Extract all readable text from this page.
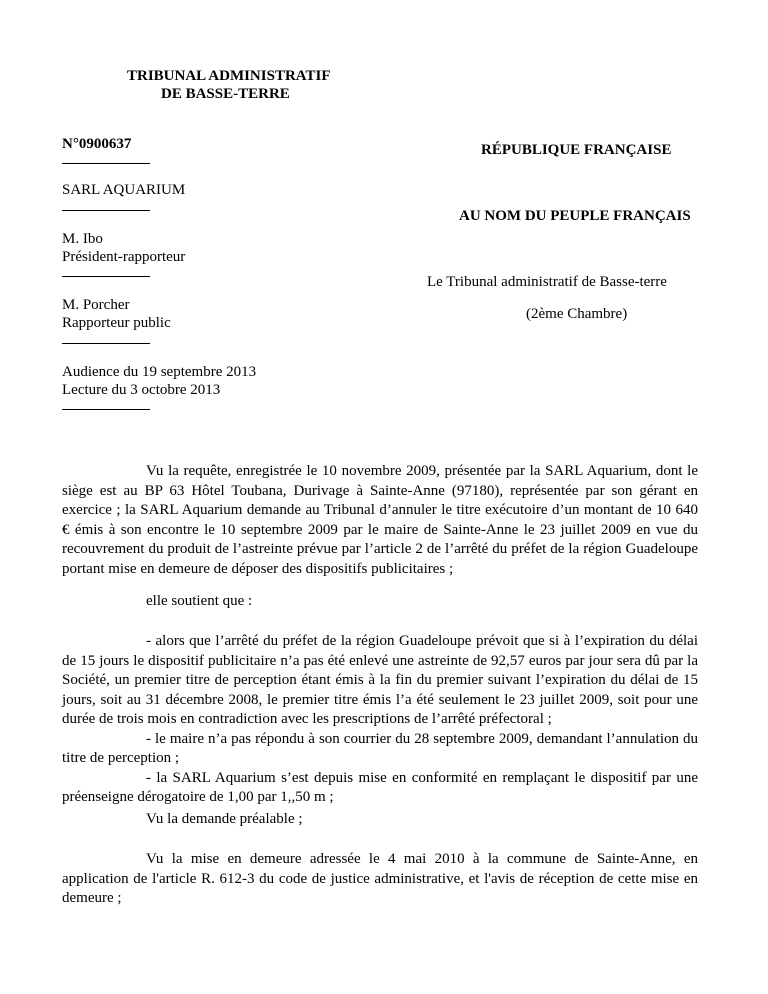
TRIBUNAL ADMINISTRATIF
DE BASSE-TERRE
N°0900637
SARL AQUARIUM
M. Ibo
Président-rapporteur
M. Porcher
Rapporteur public
Audience du 19 septembre 2013
Lecture du 3 octobre 2013
RÉPUBLIQUE FRANÇAISE
AU NOM DU PEUPLE FRANÇAIS
Le Tribunal administratif de Basse-terre
(2ème Chambre)

Vu la requête, enregistrée le 10 novembre 2009, présentée par la SARL Aquarium, dont le siège est au BP 63 Hôtel Toubana, Durivage à Sainte-Anne (97180), représentée par son gérant en exercice ; la SARL Aquarium demande au Tribunal d’annuler le titre exécutoire d’un montant de 10 640 € émis à son encontre le 10 septembre 2009 par le maire de Sainte-Anne le 23 juillet 2009 en vue du recouvrement du produit de l’astreinte prévue par l’article 2 de l’arrêté du préfet de la région Guadeloupe portant mise en demeure de déposer des dispositifs publicitaires ;

elle soutient que :

- alors que l’arrêté du préfet de la région Guadeloupe prévoit que si à l’expiration du délai de 15 jours le dispositif publicitaire n’a pas été enlevé une astreinte de 92,57 euros par jour sera dû par la Société, un premier titre de perception étant émis à la fin du premier suivant l’expiration du délai de 15 jours, soit au 31 décembre 2008, le premier titre émis l’a été seulement le 23 juillet 2009, soit pour une durée de trois mois en contradiction avec les prescriptions de l’arrêté préfectoral ;

- le maire n’a pas répondu à son courrier du 28 septembre 2009, demandant l’annulation du titre de perception ;

- la SARL Aquarium s’est depuis mise en conformité en remplaçant le dispositif par une préenseigne dérogatoire de 1,00 par 1,,50 m ;

Vu la demande préalable ;

Vu la mise en demeure adressée le 4 mai 2010 à la commune de Sainte-Anne, en application de l'article R. 612-3 du code de justice administrative, et l'avis de réception de cette mise en demeure ;
